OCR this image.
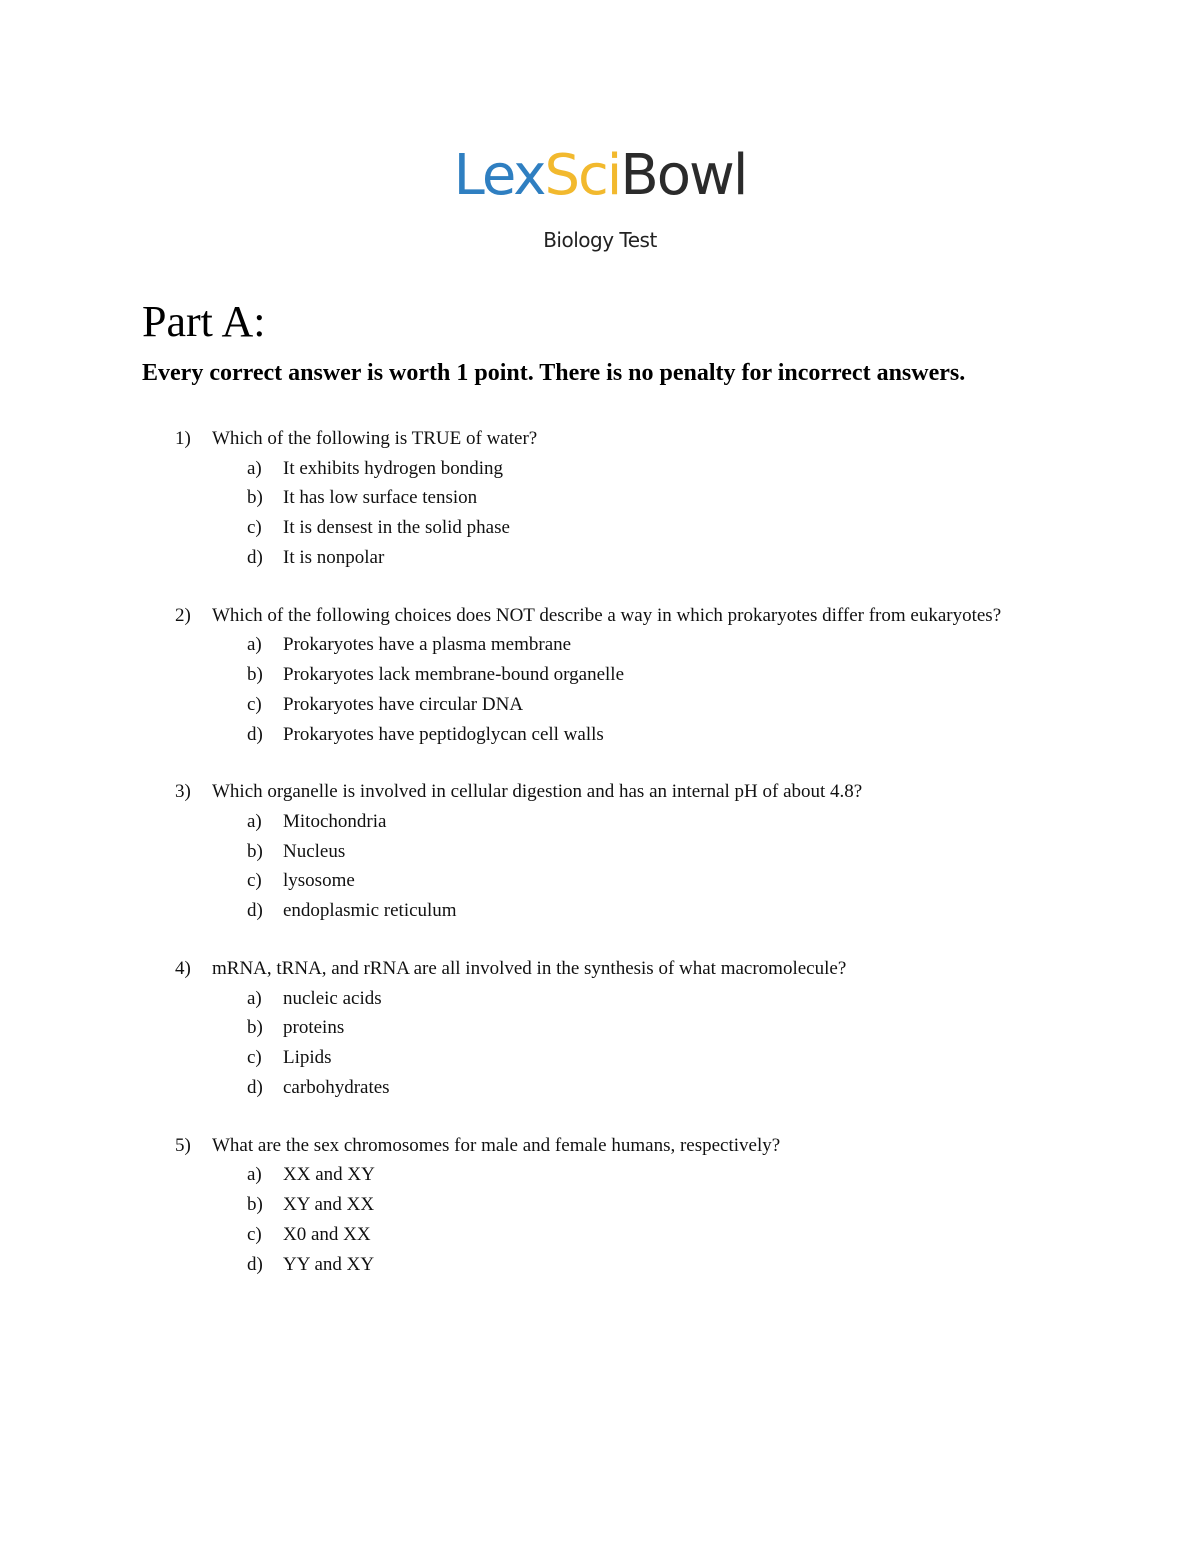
LexSciBowl
Biology Test
Part A:
Every correct answer is worth 1 point. There is no penalty for incorrect answers.
1)	Which of the following is TRUE of water?
a) It exhibits hydrogen bonding
b) It has low surface tension
c) It is densest in the solid phase
d) It is nonpolar
2)	Which of the following choices does NOT describe a way in which prokaryotes differ from eukaryotes?
a) Prokaryotes have a plasma membrane
b) Prokaryotes lack membrane-bound organelle
c) Prokaryotes have circular DNA
d) Prokaryotes have peptidoglycan cell walls
3)	Which organelle is involved in cellular digestion and has an internal pH of about 4.8?
a) Mitochondria
b) Nucleus
c) lysosome
d) endoplasmic reticulum
4)	mRNA, tRNA, and rRNA are all involved in the synthesis of what macromolecule?
a) nucleic acids
b) proteins
c) Lipids
d) carbohydrates
5)	What are the sex chromosomes for male and female humans, respectively?
a) XX and XY
b) XY and XX
c) X0 and XX
d) YY and XY
